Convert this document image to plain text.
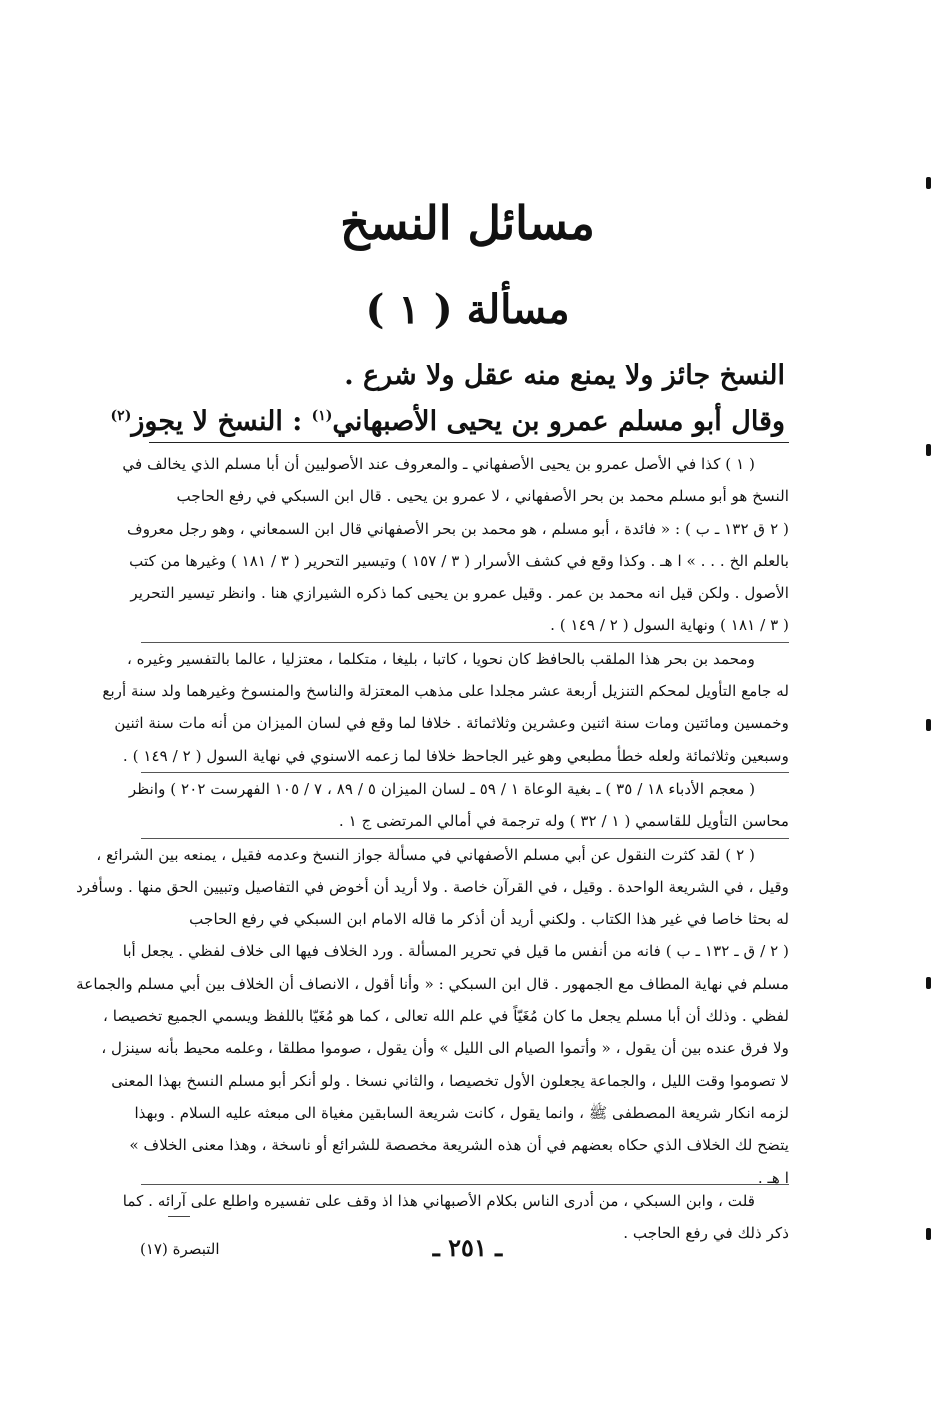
مسائل النسخ
مسألة ( ١ )
النسخ جائز ولا يمنع منه عقل ولا شرع .
وقال أبو مسلم عمرو بن يحيى الأصبهاني$^{(١)}$ : النسخ لا يجوز$^{(٢)}$
( ١ ) كذا في الأصل عمرو بن يحيى الأصفهاني ـ والمعروف عند الأصوليين أن أبا مسلم الذي يخالف في
النسخ هو أبو مسلم محمد بن بحر الأصفهاني ، لا عمرو بن يحيى . قال ابن السبكي في رفع الحاجب
( ٢ ق ١٣٢ ـ ب ) : « فائدة ، أبو مسلم ، هو محمد بن بحر الأصفهاني قال ابن السمعاني ، وهو رجل معروف
بالعلم الخ . . . » ا هـ . وكذا وقع في كشف الأسرار ( ٣ / ١٥٧ ) وتيسير التحرير ( ٣ / ١٨١ ) وغيرها من كتب
الأصول . ولكن قيل انه محمد بن عمر . وقيل عمرو بن يحيى كما ذكره الشيرازي هنا . وانظر تيسير التحرير
( ٣ / ١٨١ ) ونهاية السول ( ٢ / ١٤٩ ) .
ومحمد بن بحر هذا الملقب بالحافظ كان نحويا ، كاتبا ، بليغا ، متكلما ، معتزليا ، عالما بالتفسير وغيره ،
له جامع التأويل لمحكم التنزيل أربعة عشر مجلدا على مذهب المعتزلة والناسخ والمنسوخ وغيرهما ولد سنة أربع
وخمسين ومائتين ومات سنة اثنين وعشرين وثلاثمائة . خلافا لما وقع في لسان الميزان من أنه مات سنة اثنين
وسبعين وثلاثمائة ولعله خطأ مطبعي وهو غير الجاحظ خلافا لما زعمه الاسنوي في نهاية السول ( ٢ / ١٤٩ ) .
( معجم الأدباء ١٨ / ٣٥ ) ـ بغية الوعاة ١ / ٥٩ ـ لسان الميزان ٥ / ٨٩ ، ٧ / ١٠٥ الفهرست ٢٠٢ ) وانظر
محاسن التأويل للقاسمي ( ١ / ٣٢ ) وله ترجمة في أمالي المرتضى ج ١ .
( ٢ ) لقد كثرت النقول عن أبي مسلم الأصفهاني في مسألة جواز النسخ وعدمه فقيل ، يمنعه بين الشرائع ،
وقيل ، في الشريعة الواحدة . وقيل ، في القرآن خاصة . ولا أريد أن أخوض في التفاصيل وتبيين الحق منها . وسأفرد
له بحثا خاصا في غير هذا الكتاب . ولكني أريد أن أذكر ما قاله الامام ابن السبكي في رفع الحاجب
( ٢ / ق ـ ١٣٢ ـ ب ) فانه من أنفس ما قيل في تحرير المسألة . ورد الخلاف فيها الى خلاف لفظي . يجعل أبا
مسلم في نهاية المطاف مع الجمهور . قال ابن السبكي : « وأنا أقول ، الانصاف أن الخلاف بين أبي مسلم والجماعة
لفظي . وذلك أن أبا مسلم يجعل ما كان مُغَيّاً في علم الله تعالى ، كما هو مُغَيّا باللفظ ويسمي الجميع تخصيصا ،
ولا فرق عنده بين أن يقول ، « وأتموا الصيام الى الليل » وأن يقول ، صوموا مطلقا ، وعلمه محيط بأنه سينزل ،
لا تصوموا وقت الليل ، والجماعة يجعلون الأول تخصيصا ، والثاني نسخا . ولو أنكر أبو مسلم النسخ بهذا المعنى
لزمه انكار شريعة المصطفى ﷺ ، وانما يقول ، كانت شريعة السابقين مغياة الى مبعثه عليه السلام . وبهذا
يتضح لك الخلاف الذي حكاه بعضهم في أن هذه الشريعة مخصصة للشرائع أو ناسخة ، وهذا معنى الخلاف »
ا هـ .
قلت ، وابن السبكي ، من أدرى الناس بكلام الأصبهاني هذا اذ وقف على تفسيره واطلع على آرائه . كما
ذكر ذلك في رفع الحاجب .
التبصرة (١٧)	ـ ٢٥١ ـ
